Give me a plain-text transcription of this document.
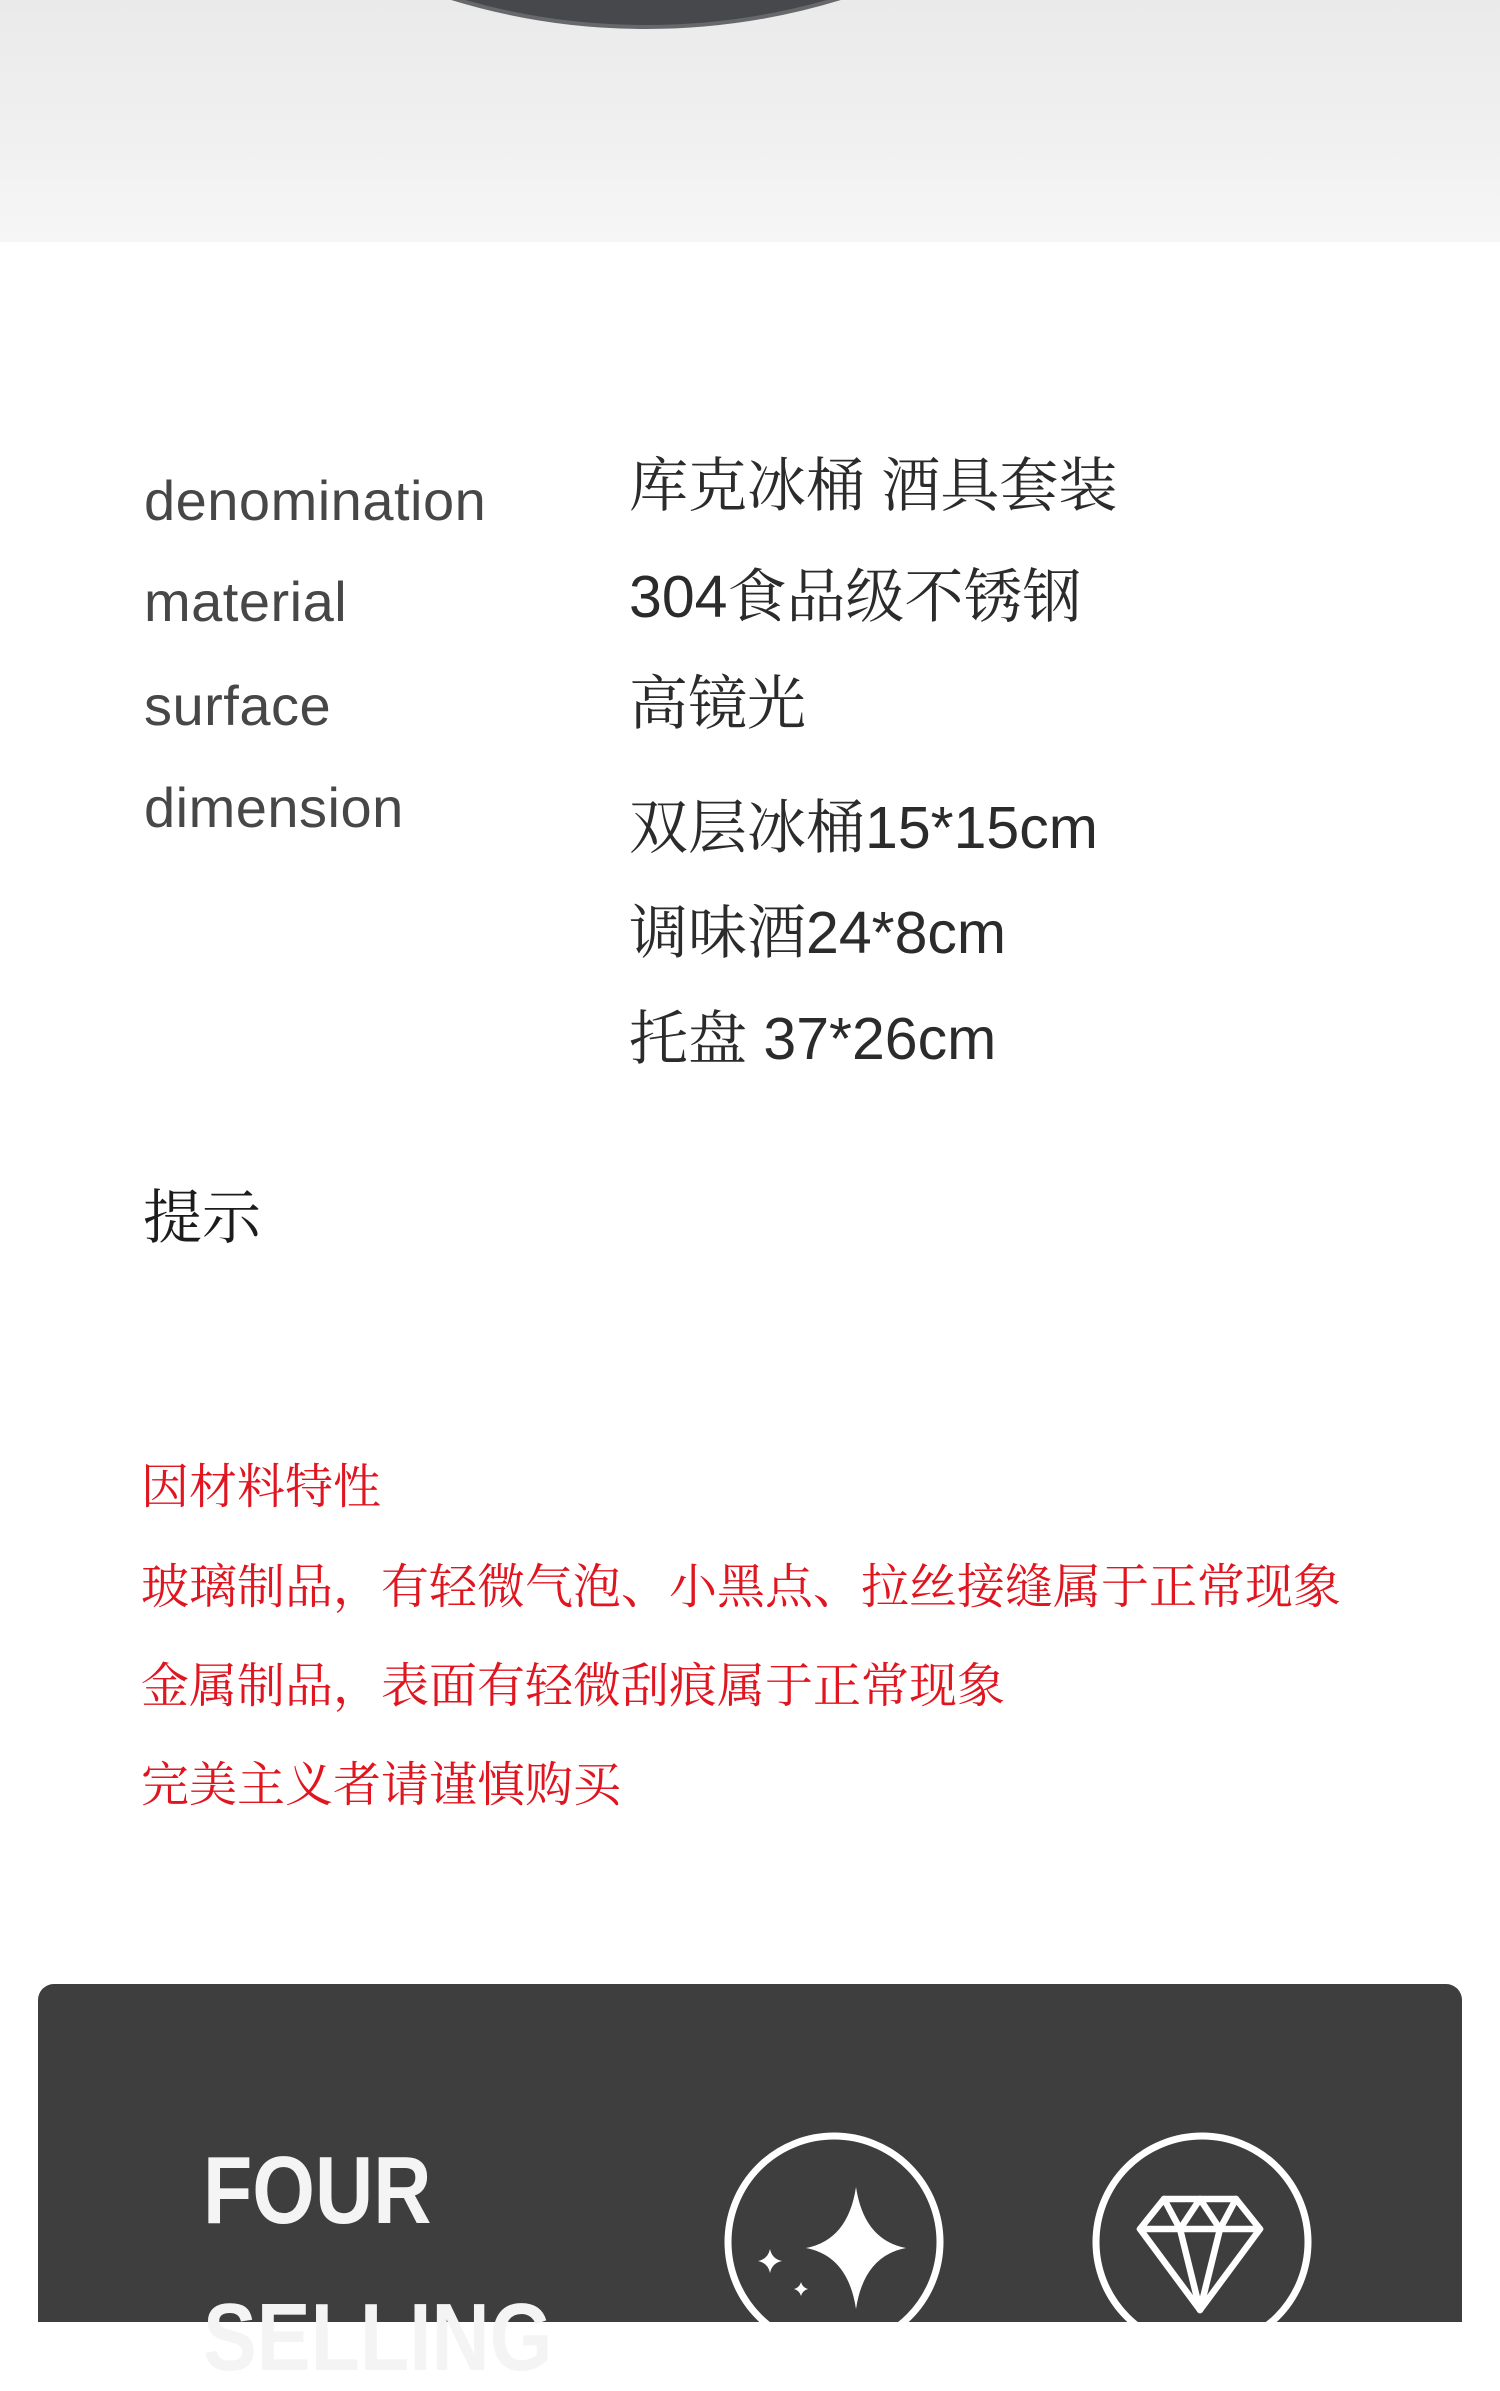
denomination 库克冰桶 酒具套装
material	304食品级不锈钢
surface	高镜光
dimension	双层冰桶15*15cm
调味酒24*8cm
托盘 37*26cm
提示
因材料特性
玻璃制品，有轻微气泡、小黑点、拉丝接缝属于正常现象
金属制品，表面有轻微刮痕属于正常现象
完美主义者请谨慎购买
FOUR
SELLING
